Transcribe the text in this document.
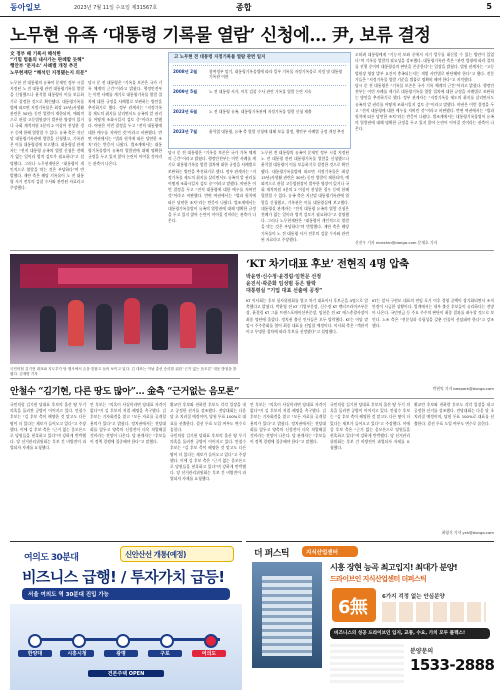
동아일보	2023년 7월 11일 수요일 제31567호	종합	5
노무현 유족 ‘대통령 기록물 열람’ 신청에… 尹, 보류 결정
文 정부 때 기록서 해석한
“기밀 법률의 내사가는 판례할 듯해”
행안부 ‘문자소’ 사례별 개정 추진
노무현재단 “해석인 지정됐는지 의문”

노무현 전 대통령의 유족이 문재인 정부 시절 지정된 노 전 대통령 관련 대통령기록물 열람을 신청했으나 윤석열 대통령이 이를 보류하기로 결정한 것으로 확인됐다. 대통령기록물법에 따르면 지정기록물은 최장 15년(사생활 관련은 30년) 동안 열람이 제한되며, 예외적으로 관할 고등법원장이 발부한 영장이 있거나 국회 재적의원 3분의 2 이상이 찬성한 경우 등에 한해 열람할 수 있다. 유족 측은 지난달 대통령기록관에 열람을 신청했고, 기록관은 이를 대통령실에 보고했다. 대통령실 관계자는 “전직 대통령 유족의 열람 신청은 전례가 없는 일이라 법적 검토가 필요하다”고 설명했다. 그러나 노무현재단은 “대통령이 개인적으로 열람을 막는 것은 부당하다”며 반발했다. 재단 측은 해당 기록물이 노 전 대통령 서거 전후의 검찰 수사와 관련된 자료라고 주장했다.

당시 문 전 대통령은 “기록물 보존은 국가 기록 체계의 근간”이라고 밝혔다. 행정안전부는 이번 사례를 계기로 대통령기록물 열람 절차에 대한 규정을 사례별로 보완하는 방안을 추진하기로 했다. 정부 관계자는 “지정기록물 제도의 취지를 살리면서도 유족의 알 권리를 어떻게 조화시킬지 검토 중”이라고 말했다. 야권은 이번 결정을 두고 “전직 대통령에 대한 예우를 저버린 것”이라고 비판했다. 반면 여권에서는 “법과 원칙에 따른 당연한 조치”라는 반응이 나왔다. 법조계에서는 대통령기록물법이 유족의 열람권에 대해 명확한 규정을 두고 있지 않아 논란이 이어질 것이라는 관측이 나온다.

고 노무현 전 대통령 지정기록물 열람 관련 일지
2008년 2월	참여정부 말기, 대통령기록물법에 따라 일부 기록물 지정기록물로 지정 및 대통령기록관 이관
2009년 5월	노 전 대통령 서거, 이후 검찰 수사 관련 기록물 열람 논란 지속
2023년 6월	노 전 대통령 유족, 대통령기록관에 지정기록물 열람 신청 제출
2023년 7월	윤석열 대통령, 유족 측 열람 신청에 대해 보류 결정, 행안부 사례별 규정 개정 추진

당시 문 전 대통령은 “기록물 보존은 국가 기록 체계의 근간”이라고 밝혔다. 행정안전부는 이번 사례를 계기로 대통령기록물 열람 절차에 대한 규정을 사례별로 보완하는 방안을 추진하기로 했다. 정부 관계자는 “지정기록물 제도의 취지를 살리면서도 유족의 알 권리를 어떻게 조화시킬지 검토 중”이라고 말했다. 야권은 이번 결정을 두고 “전직 대통령에 대한 예우를 저버린 것”이라고 비판했다. 반면 여권에서는 “법과 원칙에 따른 당연한 조치”라는 반응이 나왔다. 법조계에서는 대통령기록물법이 유족의 열람권에 대해 명확한 규정을 두고 있지 않아 논란이 이어질 것이라는 관측이 나온다.

노무현 전 대통령의 유족이 문재인 정부 시절 지정된 노 전 대통령 관련 대통령기록물 열람을 신청했으나 윤석열 대통령이 이를 보류하기로 결정한 것으로 확인됐다. 대통령기록물법에 따르면 지정기록물은 최장 15년(사생활 관련은 30년) 동안 열람이 제한되며, 예외적으로 관할 고등법원장이 발부한 영장이 있거나 국회 재적의원 3분의 2 이상이 찬성한 경우 등에 한해 열람할 수 있다. 유족 측은 지난달 대통령기록관에 열람을 신청했고, 기록관은 이를 대통령실에 보고했다. 대통령실 관계자는 “전직 대통령 유족의 열람 신청은 전례가 없는 일이라 법적 검토가 필요하다”고 설명했다. 그러나 노무현재단은 “대통령이 개인적으로 열람을 막는 것은 부당하다”며 반발했다. 재단 측은 해당 기록물이 노 전 대통령 서거 전후의 검찰 수사와 관련된 자료라고 주장했다.

오히려 대통령에게 “기능직 보좌 중에서 자기 업무를 대신할 수 있는 방안이 있었다”며 기록물 열람의 필요성을 강조했다. 대통령기록관 측은 “관련 법령에 따라 절차를 진행 중이며 대통령실의 판단을 존중한다”는 입장을 밝혔다. 법원 관계자는 “고등법원장 영장 발부 요건이 충족되는지는 개별 사안별로 판단해야 한다”고 했다. 전문가들은 “지정기록물 열람 기준을 법률로 명확히 해야 한다”고 지적했다.

당시 문 전 대통령은 “기록물 보존은 국가 기록 체계의 근간”이라고 밝혔다. 행정안전부는 이번 사례를 계기로 대통령기록물 열람 절차에 대한 규정을 사례별로 보완하는 방안을 추진하기로 했다. 정부 관계자는 “지정기록물 제도의 취지를 살리면서도 유족의 알 권리를 어떻게 조화시킬지 검토 중”이라고 말했다. 야권은 이번 결정을 두고 “전직 대통령에 대한 예우를 저버린 것”이라고 비판했다. 반면 여권에서는 “법과 원칙에 따른 당연한 조치”라는 반응이 나왔다. 법조계에서는 대통령기록물법이 유족의 열람권에 대해 명확한 규정을 두고 있지 않아 논란이 이어질 것이라는 관측이 나온다.

신진우 기자 niceshin@donga.com 문재호 기자
국민의힘 김기현 대표와 지도부가 당 행사에서 손을 맞잡고 들어 보이고 있다. 김 대표는 이날 총선 승리를 위한 ‘근거 없는 음모론’ 대응 방침을 밝혔다. 김재명 기자
‘KT 차기대표 후보’ 전현직 4명 압축
박윤영·신수정·윤경림·임헌문 선정
윤진식·곽준화 임성범 등은 탈락
대통령실 “기업 대표 선출에 공정”

KT 이사회는 후보 심사위원회를 열고 차기 대표이사 후보군을 4명으로 압축했다고 밝혔다. 박윤영 전 KT 기업부문장, 신수정 KT 엔터프라이즈부문장, 윤경림 KT 그룹 트랜스포메이션부문장, 임헌문 전 KT 매스총괄사장이 최종 명단에 올랐다. 정치권 출신 인사들은 모두 탈락했다. KT는 이달 말 임시 주주총회를 열어 최종 대표를 선임할 예정이다. 이사회 측은 “객관적이고 투명한 절차에 따라 후보를 선정했다”고 설명했다.

KT는 앞서 구현모 대표의 연임 포기 이후 경영 공백이 장기화되면서 조직 안정이 시급한 상황이다. 업계에서는 내부 출신 후보들이 유리하다는 전망이 나온다. 국민연금 등 주요 주주의 판단이 최종 결과를 좌우할 것으로 보인다. 노조 측은 “전문성과 독립성을 갖춘 인물이 선임돼야 한다”고 강조했다.

박현익 기자 beepark@donga.com
안철수 “김기현, 다른 땅도 많아”… 金측 “근거없는 음모론”

국민의힘 김기현 당대표 후보의 울산 땅 투기 의혹을 둘러싼 공방이 이어지고 있다. 안철수 후보는 “김 후보 측이 해명한 것 말고도 다른 땅이 더 있다는 제보가 들어오고 있다”고 주장했다. 이에 김 후보 측은 “근거 없는 음모론으로 당원들을 현혹하고 있다”며 강하게 반박했다. 당 선거관리위원회는 후보 간 비방전이 과열되자 자제를 요청했다.

안 후보는 “의혹이 사실이라면 당대표 자격이 없다”며 김 후보의 직접 해명을 촉구했다. 김 후보는 기자회견을 열고 “모든 자료를 공개할 용의가 있다”고 밝혔다. 정치권에서는 전당대회를 앞두고 양측의 신경전이 더욱 치열해질 것이라는 전망이 나온다. 당 관계자는 “후보들이 정책 경쟁에 집중해야 한다”고 말했다.

황교안 후보와 천하람 후보도 각각 입장을 내고 공정한 선거를 강조했다. 전당대회는 다음 달 초 치러질 예정이며, 당원 투표 100%로 대표를 선출한다. 결선 투표 도입 여부도 변수로 꼽힌다.

국민의힘 김기현 당대표 후보의 울산 땅 투기 의혹을 둘러싼 공방이 이어지고 있다. 안철수 후보는 “김 후보 측이 해명한 것 말고도 다른 땅이 더 있다는 제보가 들어오고 있다”고 주장했다. 이에 김 후보 측은 “근거 없는 음모론으로 당원들을 현혹하고 있다”며 강하게 반박했다. 당 선거관리위원회는 후보 간 비방전이 과열되자 자제를 요청했다.

안 후보는 “의혹이 사실이라면 당대표 자격이 없다”며 김 후보의 직접 해명을 촉구했다. 김 후보는 기자회견을 열고 “모든 자료를 공개할 용의가 있다”고 밝혔다. 정치권에서는 전당대회를 앞두고 양측의 신경전이 더욱 치열해질 것이라는 전망이 나온다. 당 관계자는 “후보들이 정책 경쟁에 집중해야 한다”고 말했다.

국민의힘 김기현 당대표 후보의 울산 땅 투기 의혹을 둘러싼 공방이 이어지고 있다. 안철수 후보는 “김 후보 측이 해명한 것 말고도 다른 땅이 더 있다는 제보가 들어오고 있다”고 주장했다. 이에 김 후보 측은 “근거 없는 음모론으로 당원들을 현혹하고 있다”며 강하게 반박했다. 당 선거관리위원회는 후보 간 비방전이 과열되자 자제를 요청했다.

황교안 후보와 천하람 후보도 각각 입장을 내고 공정한 선거를 강조했다. 전당대회는 다음 달 초 치러질 예정이며, 당원 투표 100%로 대표를 선출한다. 결선 투표 도입 여부도 변수로 꼽힌다.

최영식 기자 ysh@donga.com
여의도 30분대	신안산선 개통(예정)
비즈니스 급행! / 투자가치 급등!
서울 여의도 역 30분대 진입 가능
한양대	시흥시청	광명	구로	여의도
견본주택 OPEN
더 퍼스틱	지식산업센터
시흥 장현 능곡 최고입지! 최대가 분양!
드라이브인 지식산업센터 더퍼스틱
6無	6가지 걱정 없는 안심분양
비즈니스의 성공 드라이브인 입지, 교통, 수요, 가치 모두 플렉스!
분양문의
1533-2888
